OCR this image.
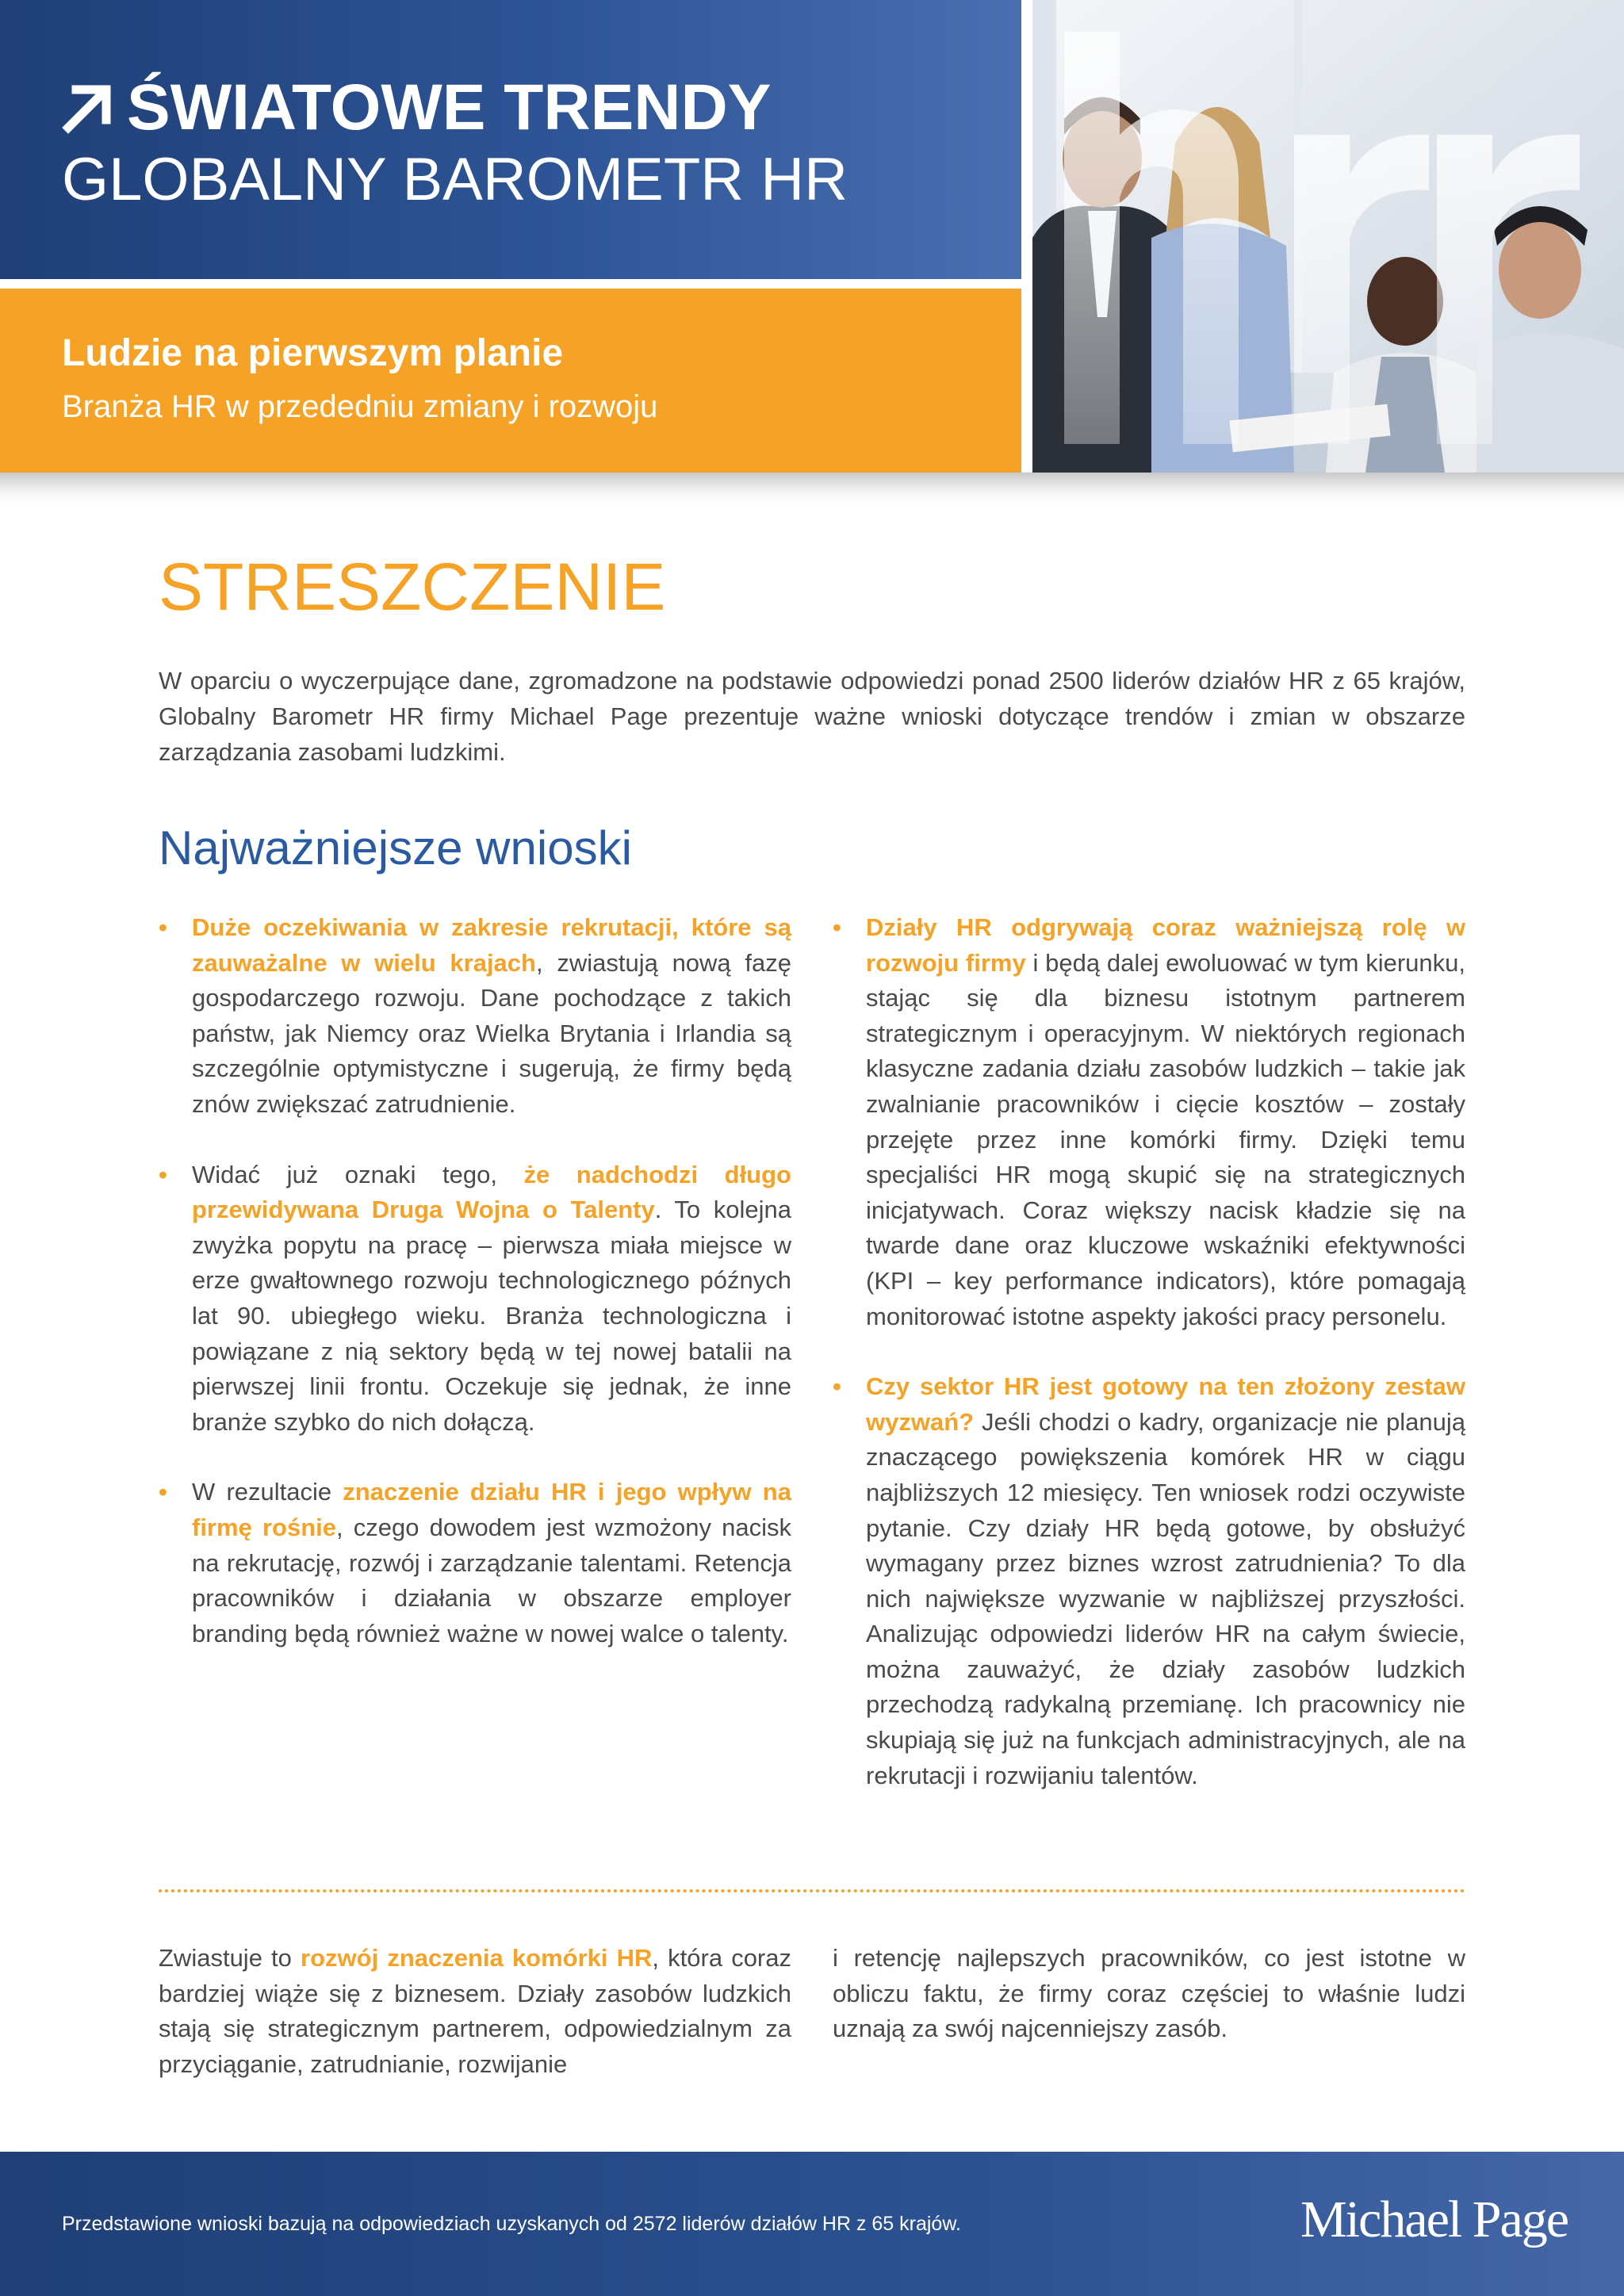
ŚWIATOWE TRENDY
GLOBALNY BAROMETR HR
Ludzie na pierwszym planie
Branża HR w przededniu zmiany i rozwoju
STRESZCZENIE

W oparciu o wyczerpujące dane, zgromadzone na podstawie odpowiedzi ponad 2500 liderów działów HR z 65 krajów, Globalny Barometr HR firmy Michael Page prezentuje ważne wnioski dotyczące trendów i zmian w obszarze zarządzania zasobami ludzkimi.

Najważniejsze wnioski

• Duże oczekiwania w zakresie rekrutacji, które są zauważalne w wielu krajach, zwiastują nową fazę gospodarczego rozwoju. Dane pochodzące z takich państw, jak Niemcy oraz Wielka Brytania i Irlandia są szczególnie optymistyczne i sugerują, że firmy będą znów zwiększać zatrudnienie.

• Widać już oznaki tego, że nadchodzi długo przewidywana Druga Wojna o Talenty. To kolejna zwyżka popytu na pracę – pierwsza miała miejsce w erze gwałtownego rozwoju technologicznego późnych lat 90. ubiegłego wieku. Branża technologiczna i powiązane z nią sektory będą w tej nowej batalii na pierwszej linii frontu. Oczekuje się jednak, że inne branże szybko do nich dołączą.

• W rezultacie znaczenie działu HR i jego wpływ na firmę rośnie, czego dowodem jest wzmożony nacisk na rekrutację, rozwój i zarządzanie talentami. Retencja pracowników i działania w obszarze employer branding będą również ważne w nowej walce o talenty.

• Działy HR odgrywają coraz ważniejszą rolę w rozwoju firmy i będą dalej ewoluować w tym kierunku, stając się dla biznesu istotnym partnerem strategicznym i operacyjnym. W niektórych regionach klasyczne zadania działu zasobów ludzkich – takie jak zwalnianie pracowników i cięcie kosztów – zostały przejęte przez inne komórki firmy. Dzięki temu specjaliści HR mogą skupić się na strategicznych inicjatywach. Coraz większy nacisk kładzie się na twarde dane oraz kluczowe wskaźniki efektywności (KPI – key performance indicators), które pomagają monitorować istotne aspekty jakości pracy personelu.

• Czy sektor HR jest gotowy na ten złożony zestaw wyzwań? Jeśli chodzi o kadry, organizacje nie planują znaczącego powiększenia komórek HR w ciągu najbliższych 12 miesięcy. Ten wniosek rodzi oczywiste pytanie. Czy działy HR będą gotowe, by obsłużyć wymagany przez biznes wzrost zatrudnienia? To dla nich największe wyzwanie w najbliższej przyszłości. Analizując odpowiedzi liderów HR na całym świecie, można zauważyć, że działy zasobów ludzkich przechodzą radykalną przemianę. Ich pracownicy nie skupiają się już na funkcjach administracyjnych, ale na rekrutacji i rozwijaniu talentów.

Zwiastuje to rozwój znaczenia komórki HR, która coraz bardziej wiąże się z biznesem. Działy zasobów ludzkich stają się strategicznym partnerem, odpowiedzialnym za przyciąganie, zatrudnianie, rozwijanie

i retencję najlepszych pracowników, co jest istotne w obliczu faktu, że firmy coraz częściej to właśnie ludzi uznają za swój najcenniejszy zasób.

Przedstawione wnioski bazują na odpowiedziach uzyskanych od 2572 liderów działów HR z 65 krajów.	Michael Page
